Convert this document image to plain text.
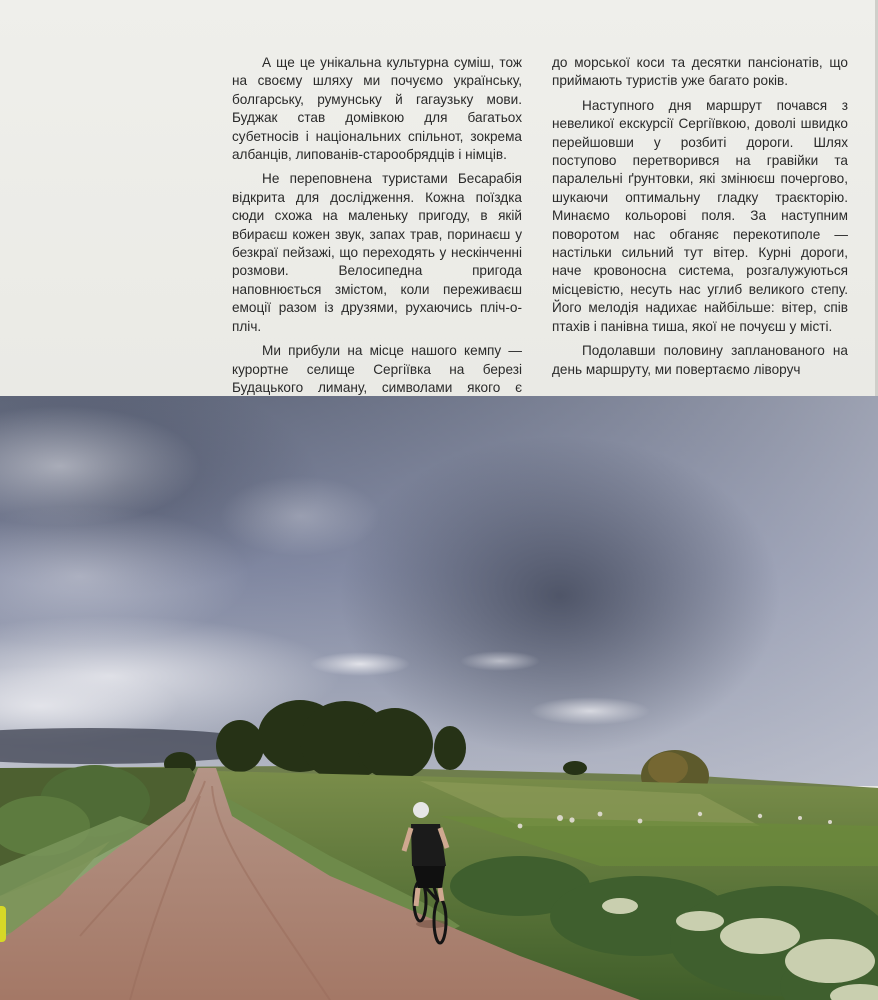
А ще це унікальна культурна суміш, тож на своєму шляху ми почуємо українську, болгарську, румунську й гагаузьку мови. Буджак став домівкою для багатьох субетносів і національних спільнот, зокрема албанців, липованів-старообрядців і німців.

Не переповнена туристами Бесарабія відкрита для дослідження. Кожна поїздка сюди схожа на маленьку пригоду, в якій вбираєш кожен звук, запах трав, поринаєш у безкраї пейзажі, що переходять у нескінченні розмови. Велосипедна пригода наповнюється змістом, коли переживаєш емоції разом із друзями, рухаючись пліч-о-пліч.

Ми прибули на місце нашого кемпу — курортне селище Сергіївка на березі Будацького лиману, символами якого є

до морської коси та десятки пансіонатів, що приймають туристів уже багато років.

Наступного дня маршрут почався з невеликої екскурсії Сергіївкою, доволі швидко перейшовши у розбиті дороги. Шлях поступово перетворився на гравійки та паралельні ґрунтовки, які змінюєш почергово, шукаючи оптимальну гладку траєкторію. Минаємо кольорові поля. За наступним поворотом нас обганяє перекотиполе — настільки сильний тут вітер. Курні дороги, наче кровоносна система, розгалужуються місцевістю, несуть нас углиб великого степу. Його мелодія надихає найбільше: вітер, спів птахів і панівна тиша, якої не почуєш у місті.

Подолавши половину запланованого на день маршруту, ми повертаємо ліворуч
